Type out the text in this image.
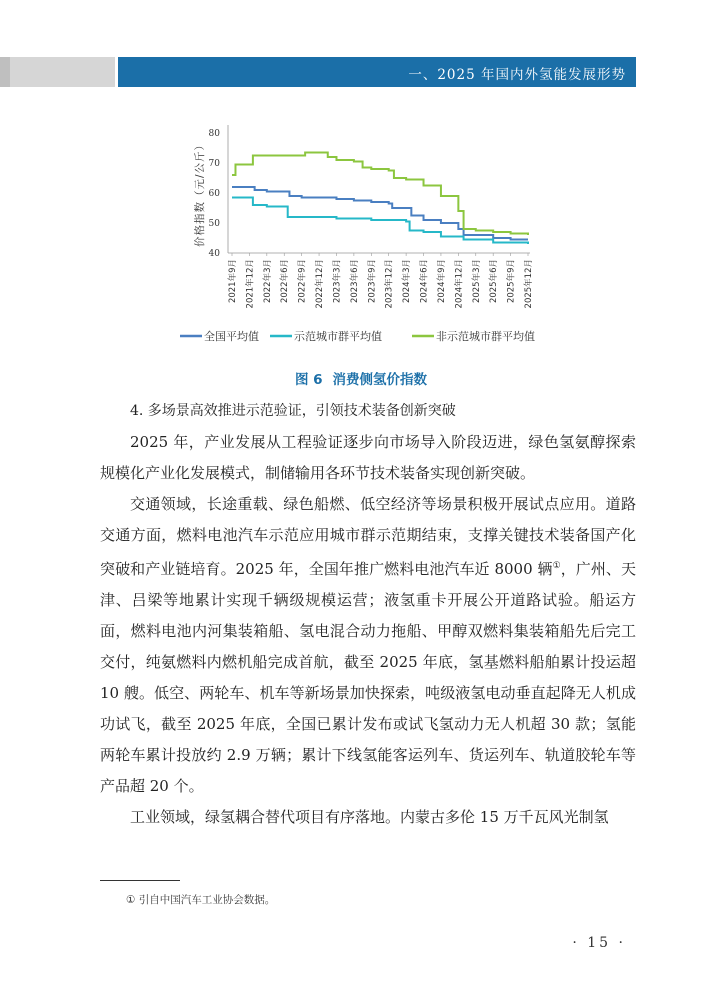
一、2025 年国内外氢能发展形势
40
50
60
70
80
价格指数（元/公斤）
2021年9月 2021年12月 2022年3月 2022年6月 2022年9月 2022年12月 2023年3月 2023年6月 2023年9月 2023年12月 2024年3月 2024年6月 2024年9月 2024年12月 2025年3月 2025年6月 2025年9月 2025年12月
全国平均值	示范城市群平均值	非示范城市群平均值
图 6 消费侧氢价指数

4. 多场景高效推进示范验证，引领技术装备创新突破

2025 年，产业发展从工程验证逐步向市场导入阶段迈进，绿色氢氨醇探索规模化产业化发展模式，制储输用各环节技术装备实现创新突破。

交通领域，长途重载、绿色船燃、低空经济等场景积极开展试点应用。道路交通方面，燃料电池汽车示范应用城市群示范期结束，支撑关键技术装备国产化突破和产业链培育。2025 年，全国年推广燃料电池汽车近 8000 辆①，广州、天津、吕梁等地累计实现千辆级规模运营；液氢重卡开展公开道路试验。船运方面，燃料电池内河集装箱船、氢电混合动力拖船、甲醇双燃料集装箱船先后完工交付，纯氨燃料内燃机船完成首航，截至 2025 年底，氢基燃料船舶累计投运超 10 艘。低空、两轮车、机车等新场景加快探索，吨级液氢电动垂直起降无人机成功试飞，截至 2025 年底，全国已累计发布或试飞氢动力无人机超 30 款；氢能两轮车累计投放约 2.9 万辆；累计下线氢能客运列车、货运列车、轨道胶轮车等产品超 20 个。

工业领域，绿氢耦合替代项目有序落地。内蒙古多伦 15 万千瓦风光制氢

① 引自中国汽车工业协会数据。
· 15 ·
